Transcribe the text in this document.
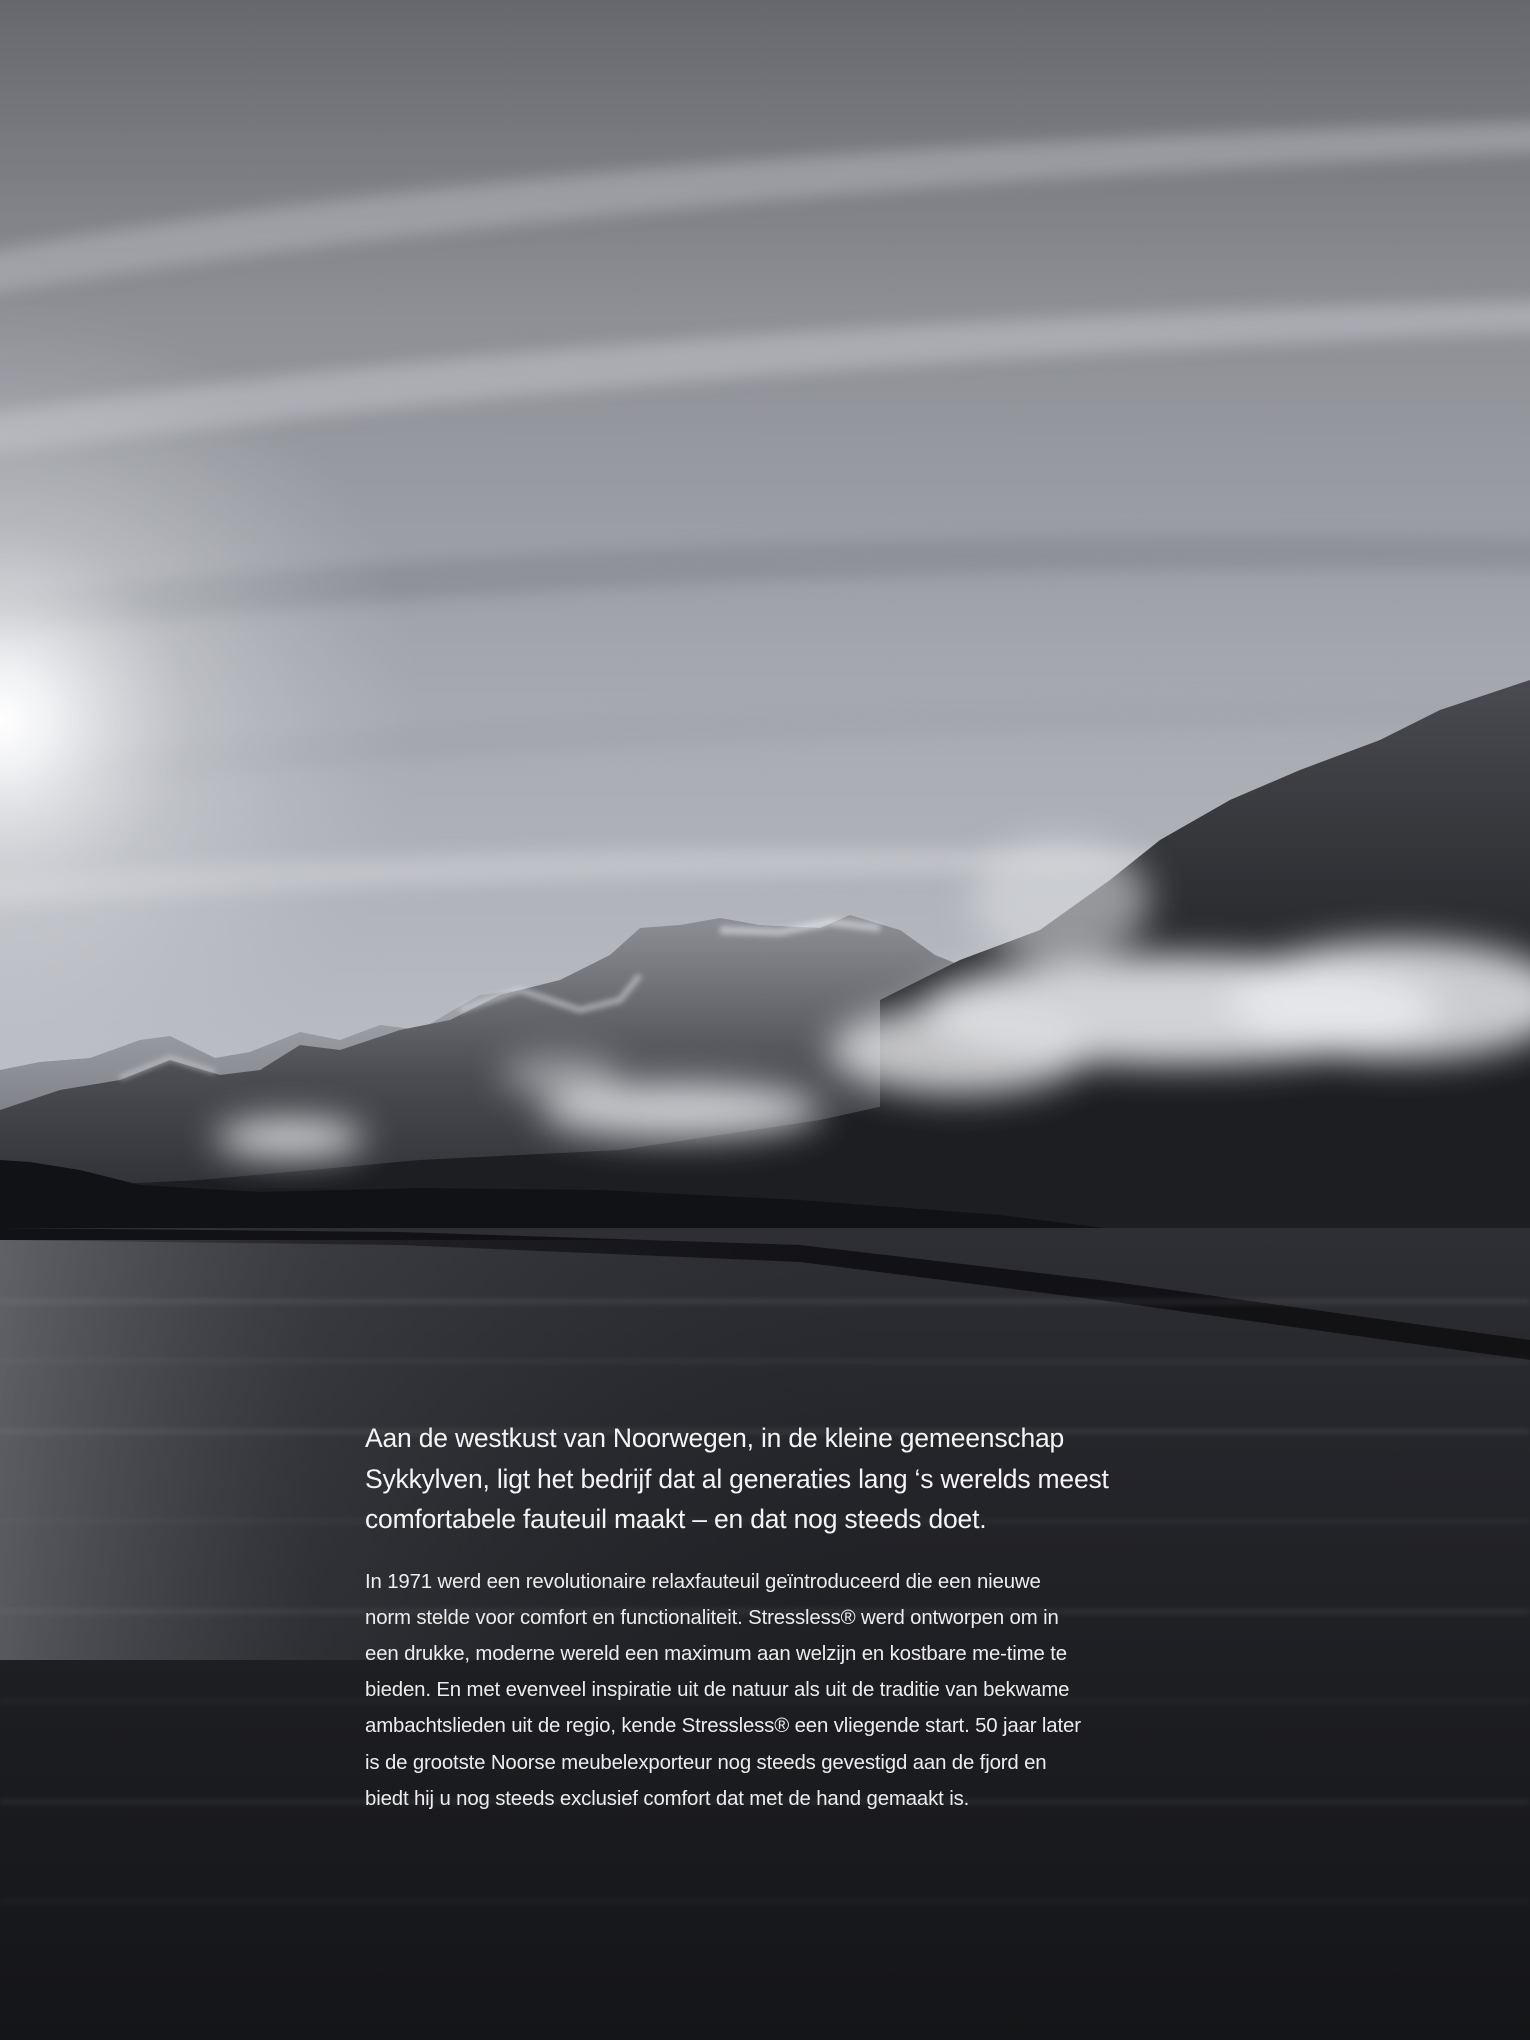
Aan de westkust van Noorwegen, in de kleine gemeenschap
Sykkylven, ligt het bedrijf dat al generaties lang ‘s werelds meest
comfortabele fauteuil maakt – en dat nog steeds doet.

In 1971 werd een revolutionaire relaxfauteuil geïntroduceerd die een nieuwe
norm stelde voor comfort en functionaliteit. Stressless® werd ontworpen om in
een drukke, moderne wereld een maximum aan welzijn en kostbare me-time te
bieden. En met evenveel inspiratie uit de natuur als uit de traditie van bekwame
ambachtslieden uit de regio, kende Stressless® een vliegende start. 50 jaar later
is de grootste Noorse meubelexporteur nog steeds gevestigd aan de fjord en
biedt hij u nog steeds exclusief comfort dat met de hand gemaakt is.
